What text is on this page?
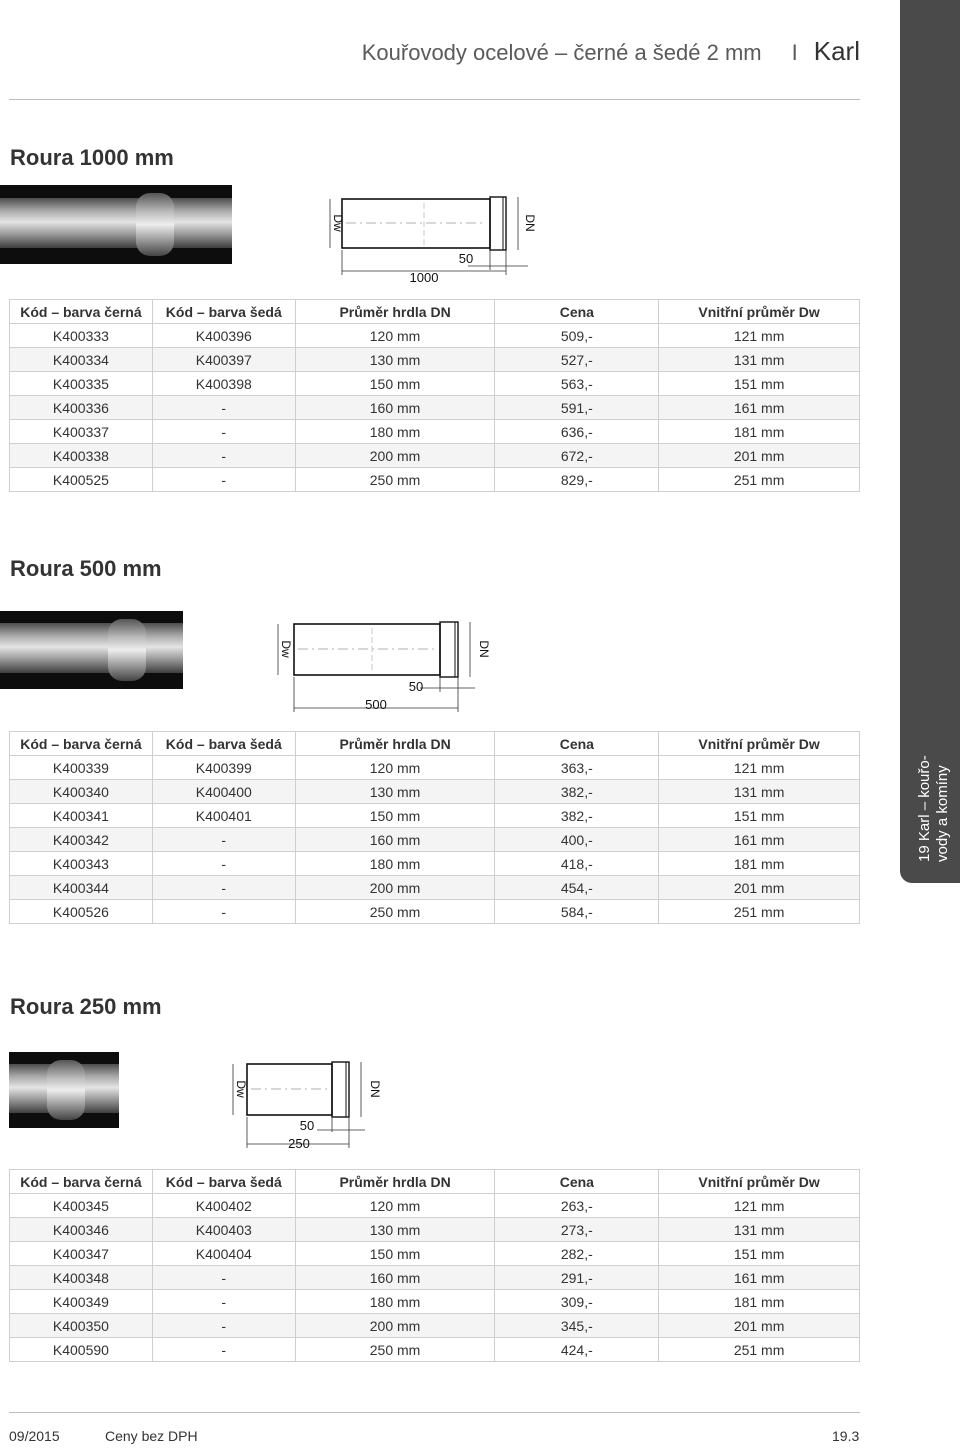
Kouřovody ocelové – černé a šedé 2 mm I Karl
19 Karl – kouřo-vody a komíny
Roura 1000 mm
Dw	DN
50
1000
Kód – barva černá	Kód – barva šedá	Průměr hrdla DN	Cena	Vnitřní průměr Dw
K400333	K400396	120 mm	509,-	121 mm
K400334	K400397	130 mm	527,-	131 mm
K400335	K400398	150 mm	563,-	151 mm
K400336	-	160 mm	591,-	161 mm
K400337	-	180 mm	636,-	181 mm
K400338	-	200 mm	672,-	201 mm
K400525	-	250 mm	829,-	251 mm
Roura 500 mm
Dw	DN
50
500
Kód – barva černá	Kód – barva šedá	Průměr hrdla DN	Cena	Vnitřní průměr Dw
K400339	K400399	120 mm	363,-	121 mm
K400340	K400400	130 mm	382,-	131 mm
K400341	K400401	150 mm	382,-	151 mm
K400342	-	160 mm	400,-	161 mm
K400343	-	180 mm	418,-	181 mm
K400344	-	200 mm	454,-	201 mm
K400526	-	250 mm	584,-	251 mm
Roura 250 mm
Dw	DN
50
250
Kód – barva černá	Kód – barva šedá	Průměr hrdla DN	Cena	Vnitřní průměr Dw
K400345	K400402	120 mm	263,-	121 mm
K400346	K400403	130 mm	273,-	131 mm
K400347	K400404	150 mm	282,-	151 mm
K400348	-	160 mm	291,-	161 mm
K400349	-	180 mm	309,-	181 mm
K400350	-	200 mm	345,-	201 mm
K400590	-	250 mm	424,-	251 mm
09/2015	Ceny bez DPH	19.3
